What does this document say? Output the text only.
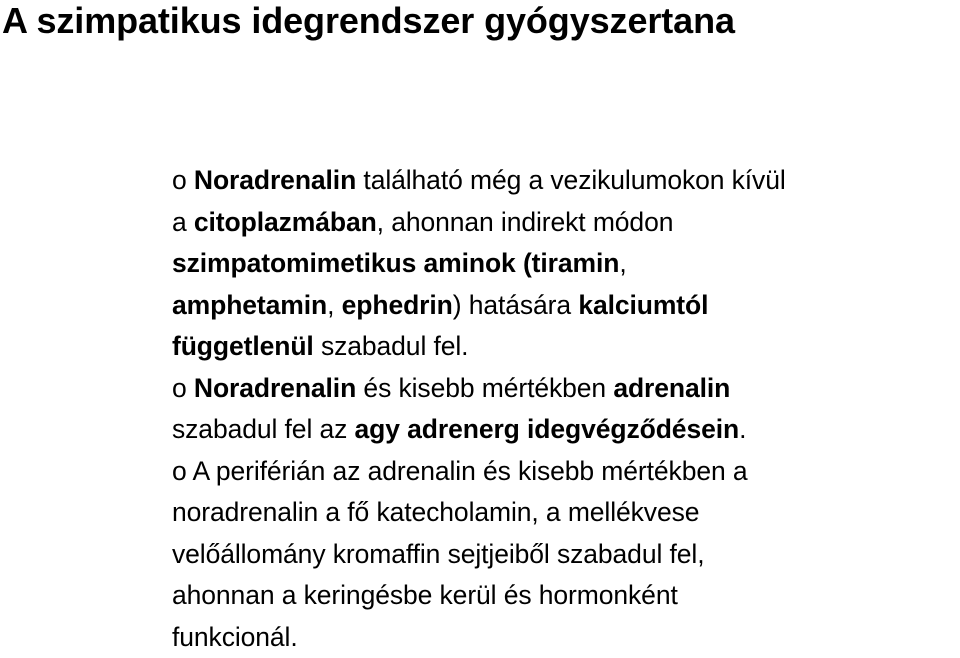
A szimpatikus idegrendszer gyógyszertana

o Noradrenalin található még a vezikulumokon kívül
a citoplazmában, ahonnan indirekt módon
szimpatomimetikus aminok (tiramin,
amphetamin, ephedrin) hatására kalciumtól
függetlenül szabadul fel.

o Noradrenalin és kisebb mértékben adrenalin
szabadul fel az agy adrenerg idegvégződésein.

o A periférián az adrenalin és kisebb mértékben a
noradrenalin a fő katecholamin, a mellékvese
velőállomány kromaffin sejtjeiből szabadul fel,
ahonnan a keringésbe kerül és hormonként
funkcionál.
